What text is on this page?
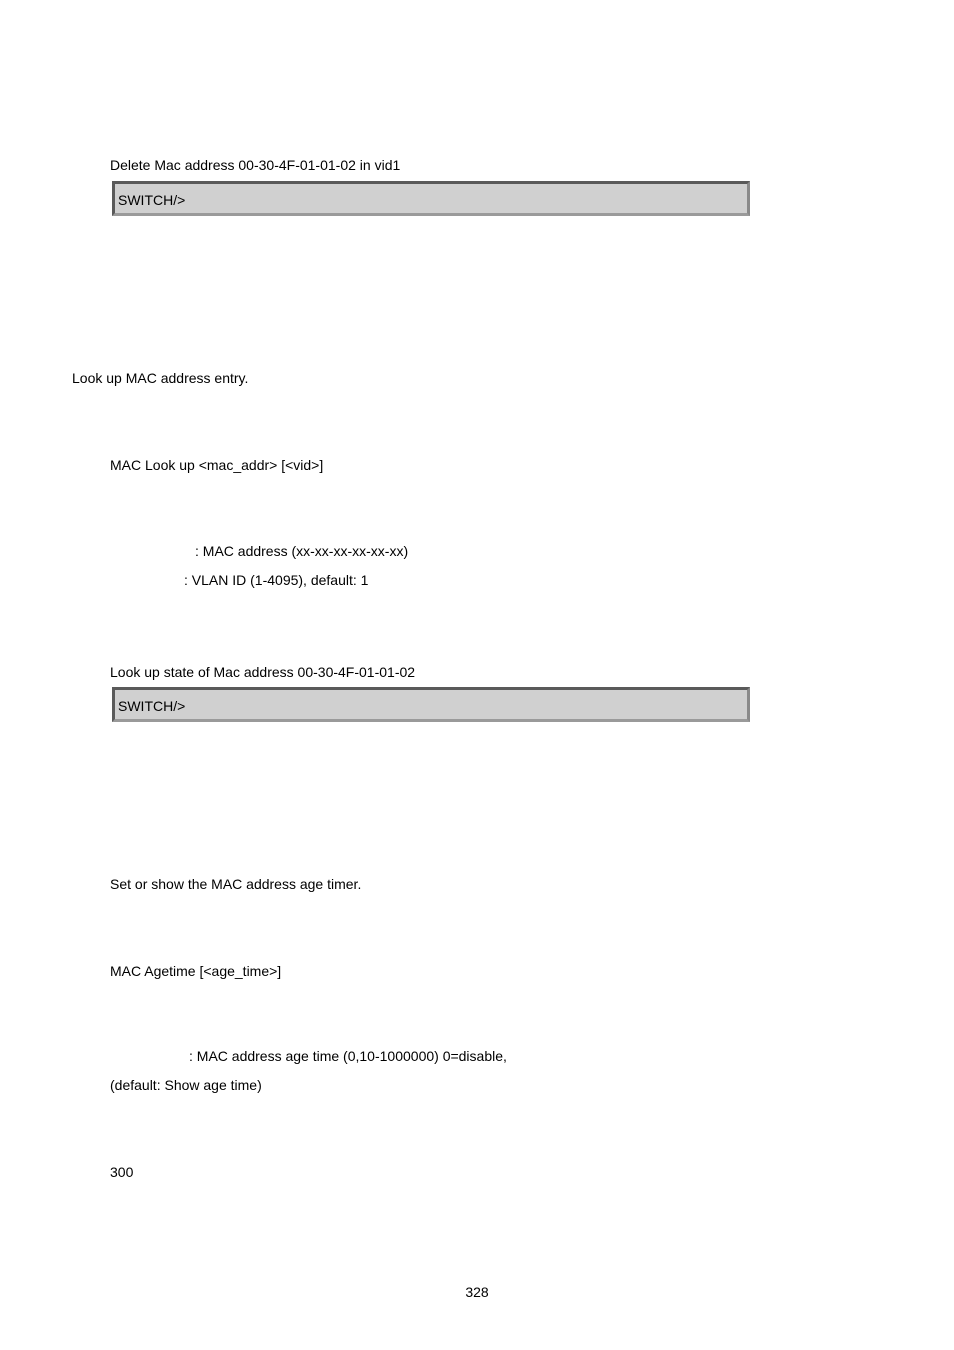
Delete Mac address 00-30-4F-01-01-02 in vid1
SWITCH/>
Look up MAC address entry.
MAC Look up <mac_addr> [<vid>]
: MAC address (xx-xx-xx-xx-xx-xx)
: VLAN ID (1-4095), default: 1
Look up state of Mac address 00-30-4F-01-01-02
SWITCH/>
Set or show the MAC address age timer.
MAC Agetime [<age_time>]
: MAC address age time (0,10-1000000) 0=disable,
(default: Show age time)
300
328
